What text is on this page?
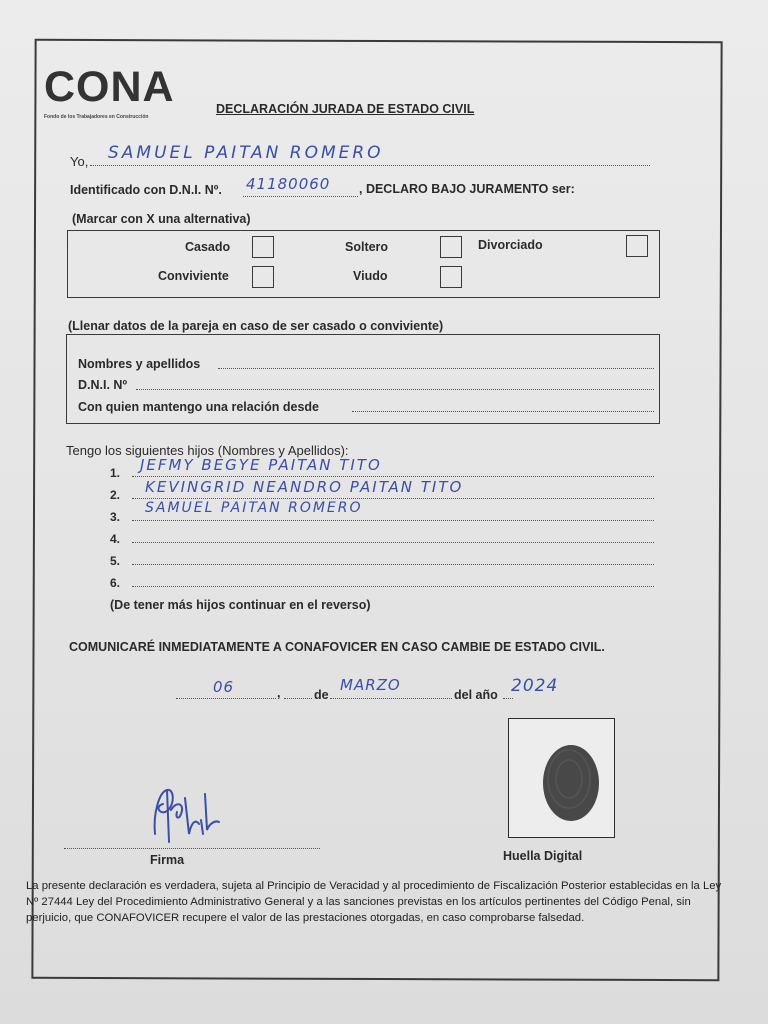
CONA
Fondo de los Trabajadores en Construcción
DECLARACIÓN JURADA DE ESTADO CIVIL
Yo, SAMUEL PAITAN ROMERO
Identificado con D.N.I. Nº. 41180060 , DECLARO BAJO JURAMENTO ser:
(Marcar con X una alternativa)
Casado	Soltero	Divorciado
Conviviente	Viudo
(Llenar datos de la pareja en caso de ser casado o conviviente)
Nombres y apellidos
D.N.I. Nº
Con quien mantengo una relación desde
Tengo los siguientes hijos (Nombres y Apellidos):
1. JEFMY BEGYE PAITAN TITO
2. KEVINGRID NEANDRO PAITAN TITO
3.
SAMUEL PAITAN ROMERO
4.
5.
6.
(De tener más hijos continuar en el reverso)
COMUNICARÉ INMEDIATAMENTE A CONAFOVICER EN CASO CAMBIE DE ESTADO CIVIL.
06	,	de
MARZO
del año 2024
Firma	Huella Digital
La presente declaración es verdadera, sujeta al Principio de Veracidad y al procedimiento de Fiscalización Posterior establecidas en la Ley Nº 27444 Ley del Procedimiento Administrativo General y a las sanciones previstas en los artículos pertinentes del Código Penal, sin perjuicio, que CONAFOVICER recupere el valor de las prestaciones otorgadas, en caso comprobarse falsedad.
